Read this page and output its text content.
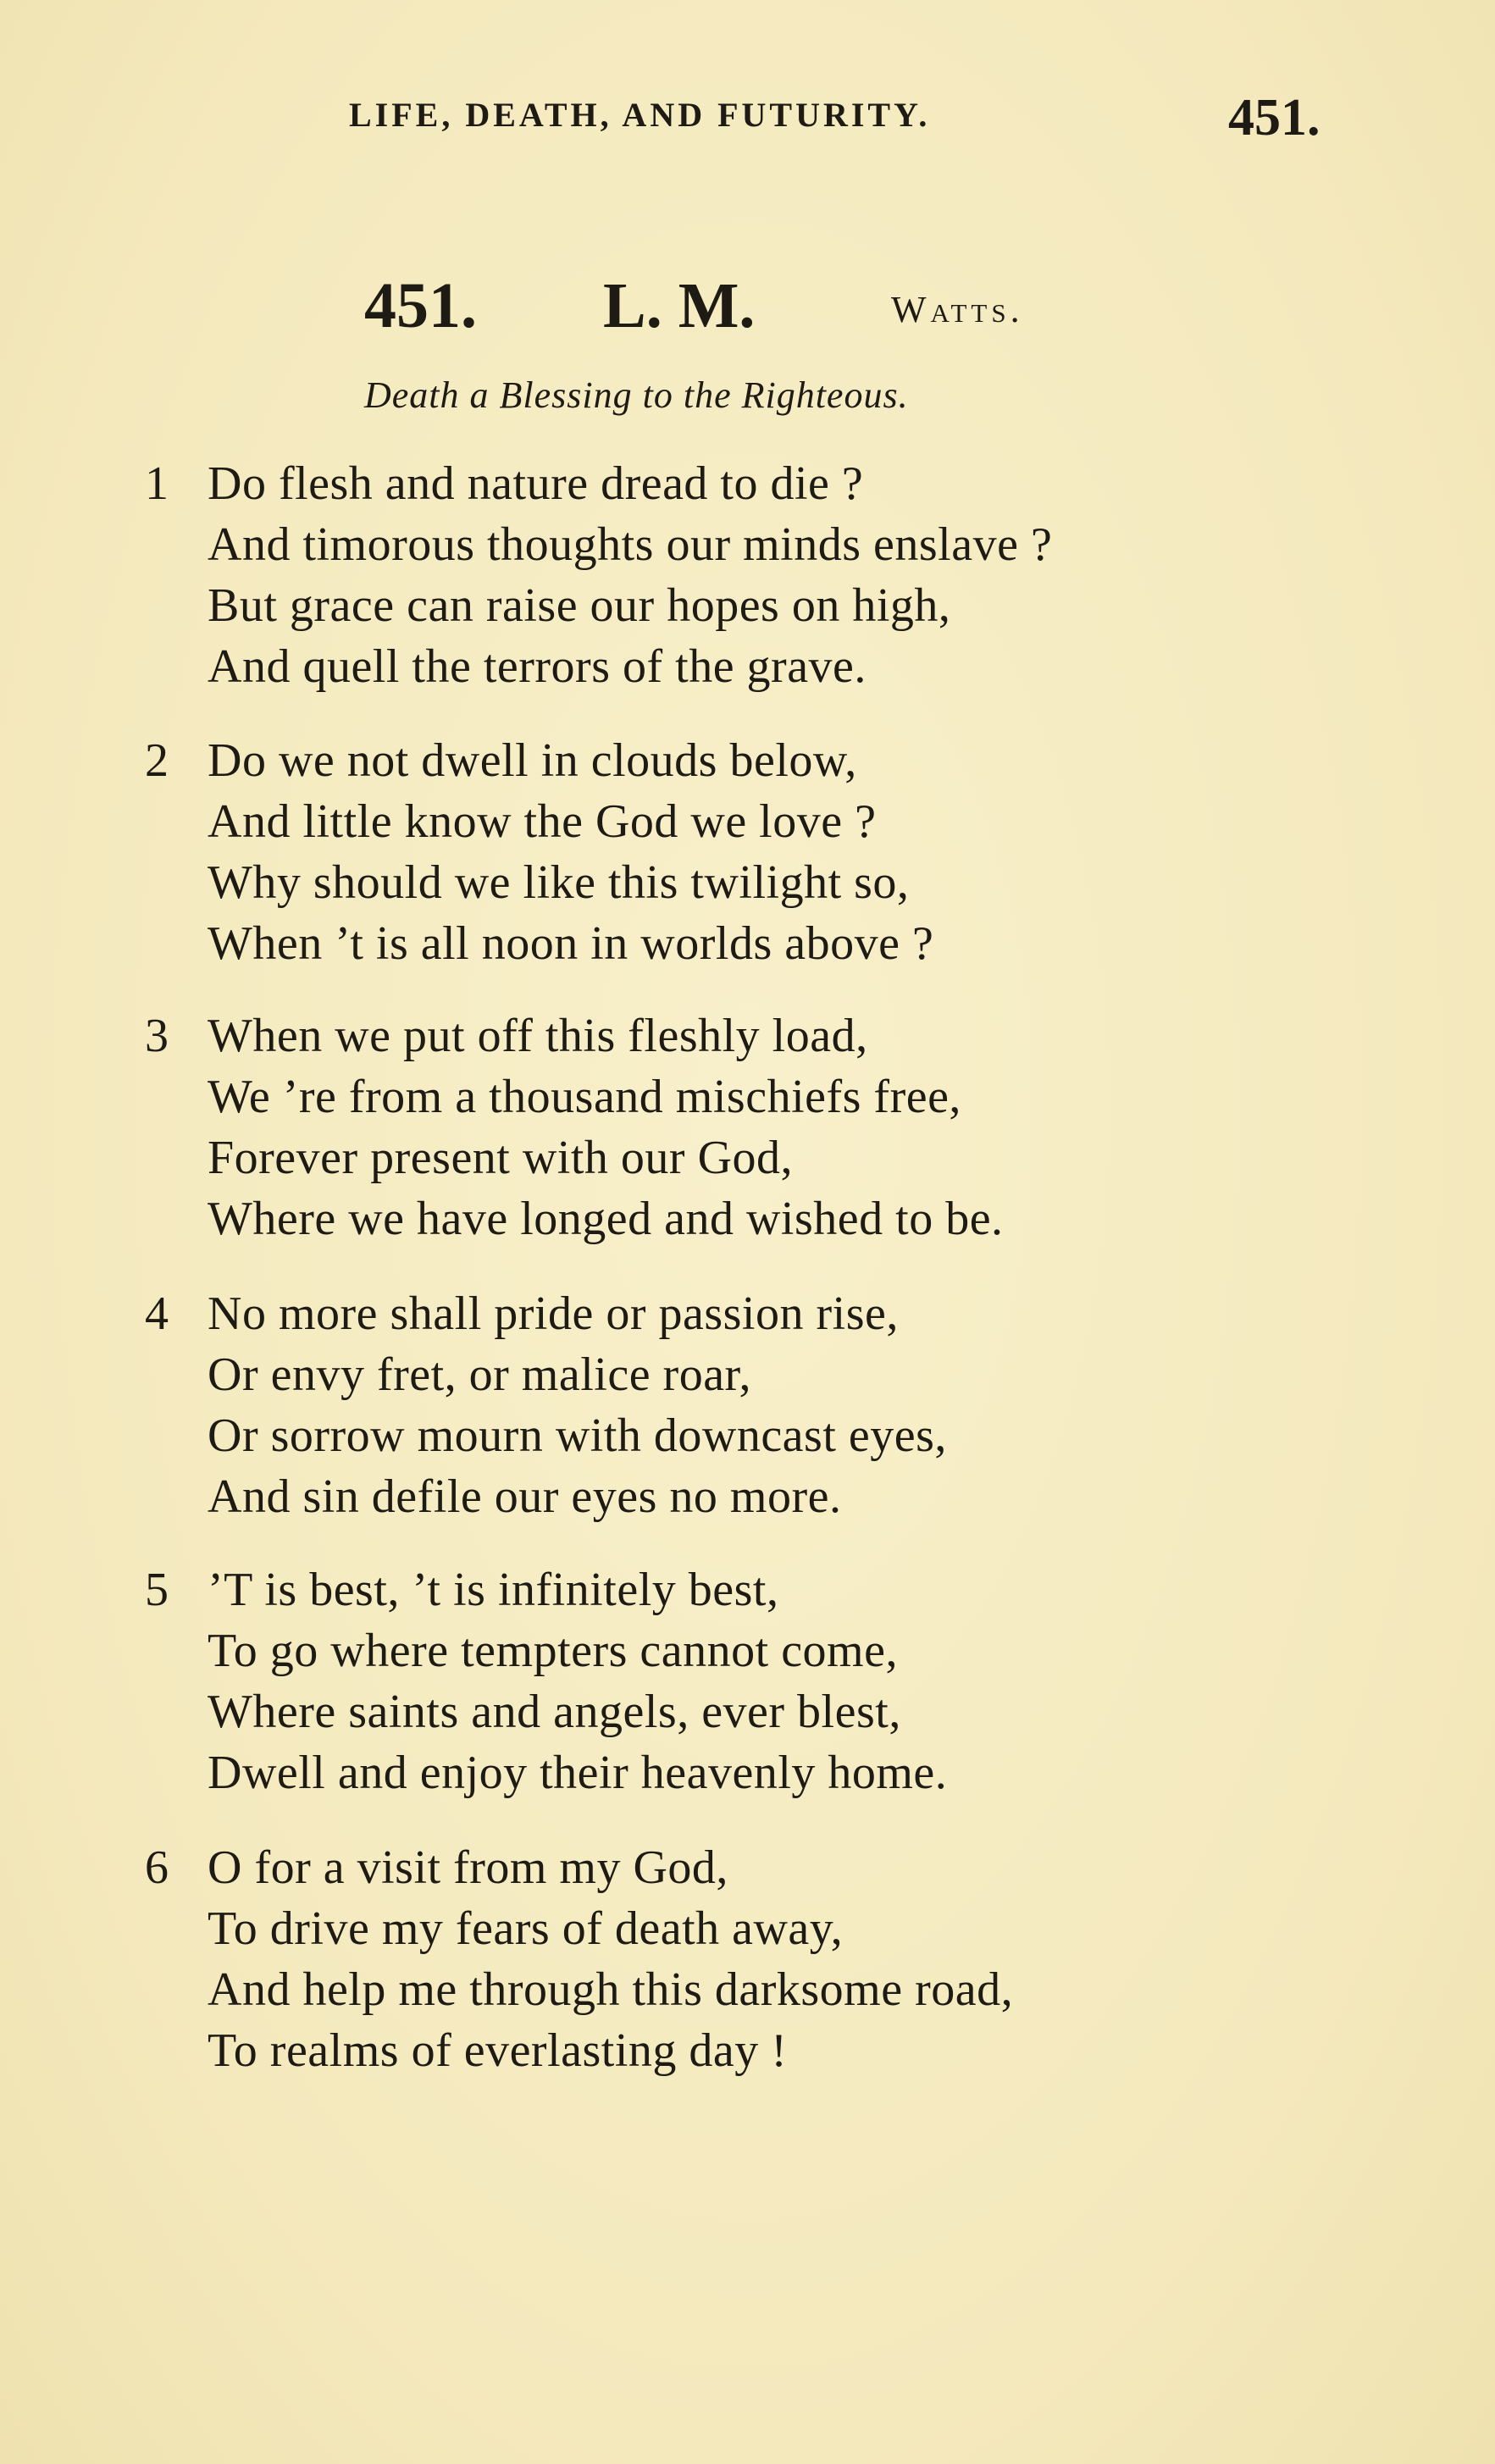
LIFE, DEATH, AND FUTURITY.	451.
451. L. M.	Watts.
Death a Blessing to the Righteous.
1 Do flesh and nature dread to die ?
And timorous thoughts our minds enslave ?
But grace can raise our hopes on high,
And quell the terrors of the grave.
2 Do we not dwell in clouds below,
And little know the God we love ?
Why should we like this twilight so,
When ’t is all noon in worlds above ?
3 When we put off this fleshly load,
We ’re from a thousand mischiefs free,
Forever present with our God,
Where we have longed and wished to be.
4 No more shall pride or passion rise,
Or envy fret, or malice roar,
Or sorrow mourn with downcast eyes,
And sin defile our eyes no more.
5 ’T is best, ’t is infinitely best,
To go where tempters cannot come,
Where saints and angels, ever blest,
Dwell and enjoy their heavenly home.
6 O for a visit from my God,
To drive my fears of death away,
And help me through this darksome road,
To realms of everlasting day !
